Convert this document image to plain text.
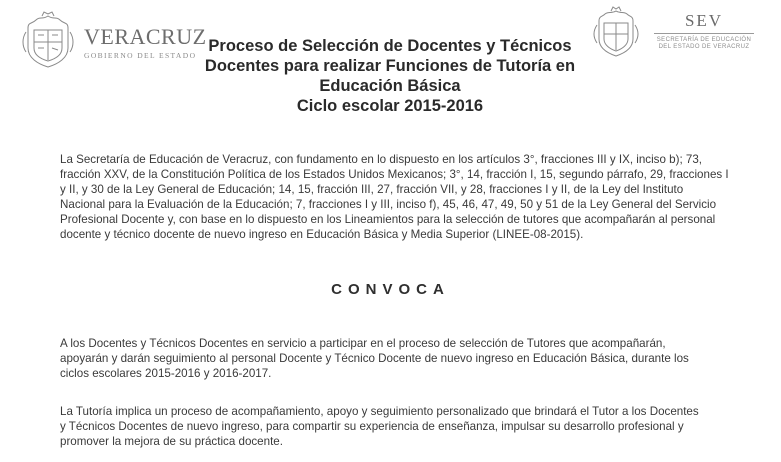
VERACRUZ
GOBIERNO DEL ESTADO
Proceso de Selección de Docentes y Técnicos
Docentes para realizar Funciones de Tutoría en
Educación Básica
Ciclo escolar 2015-2016
SEV
SECRETARÍA DE EDUCACIÓN
DEL ESTADO DE VERACRUZ
La Secretaría de Educación de Veracruz, con fundamento en lo dispuesto en los artículos 3°, fracciones III y IX, inciso b); 73,
fracción XXV, de la Constitución Política de los Estados Unidos Mexicanos; 3°, 14, fracción I, 15, segundo párrafo, 29, fracciones I
y II, y 30 de la Ley General de Educación; 14, 15, fracción III, 27, fracción VII, y 28, fracciones I y II, de la Ley del Instituto
Nacional para la Evaluación de la Educación; 7, fracciones I y III, inciso f), 45, 46, 47, 49, 50 y 51 de la Ley General del Servicio
Profesional Docente y, con base en lo dispuesto en los Lineamientos para la selección de tutores que acompañarán al personal
docente y técnico docente de nuevo ingreso en Educación Básica y Media Superior (LINEE-08-2015).
CONVOCA
A los Docentes y Técnicos Docentes en servicio a participar en el proceso de selección de Tutores que acompañarán,
apoyarán y darán seguimiento al personal Docente y Técnico Docente de nuevo ingreso en Educación Básica, durante los
ciclos escolares 2015-2016 y 2016-2017.
La Tutoría implica un proceso de acompañamiento, apoyo y seguimiento personalizado que brindará el Tutor a los Docentes
y Técnicos Docentes de nuevo ingreso, para compartir su experiencia de enseñanza, impulsar su desarrollo profesional y
promover la mejora de su práctica docente.
